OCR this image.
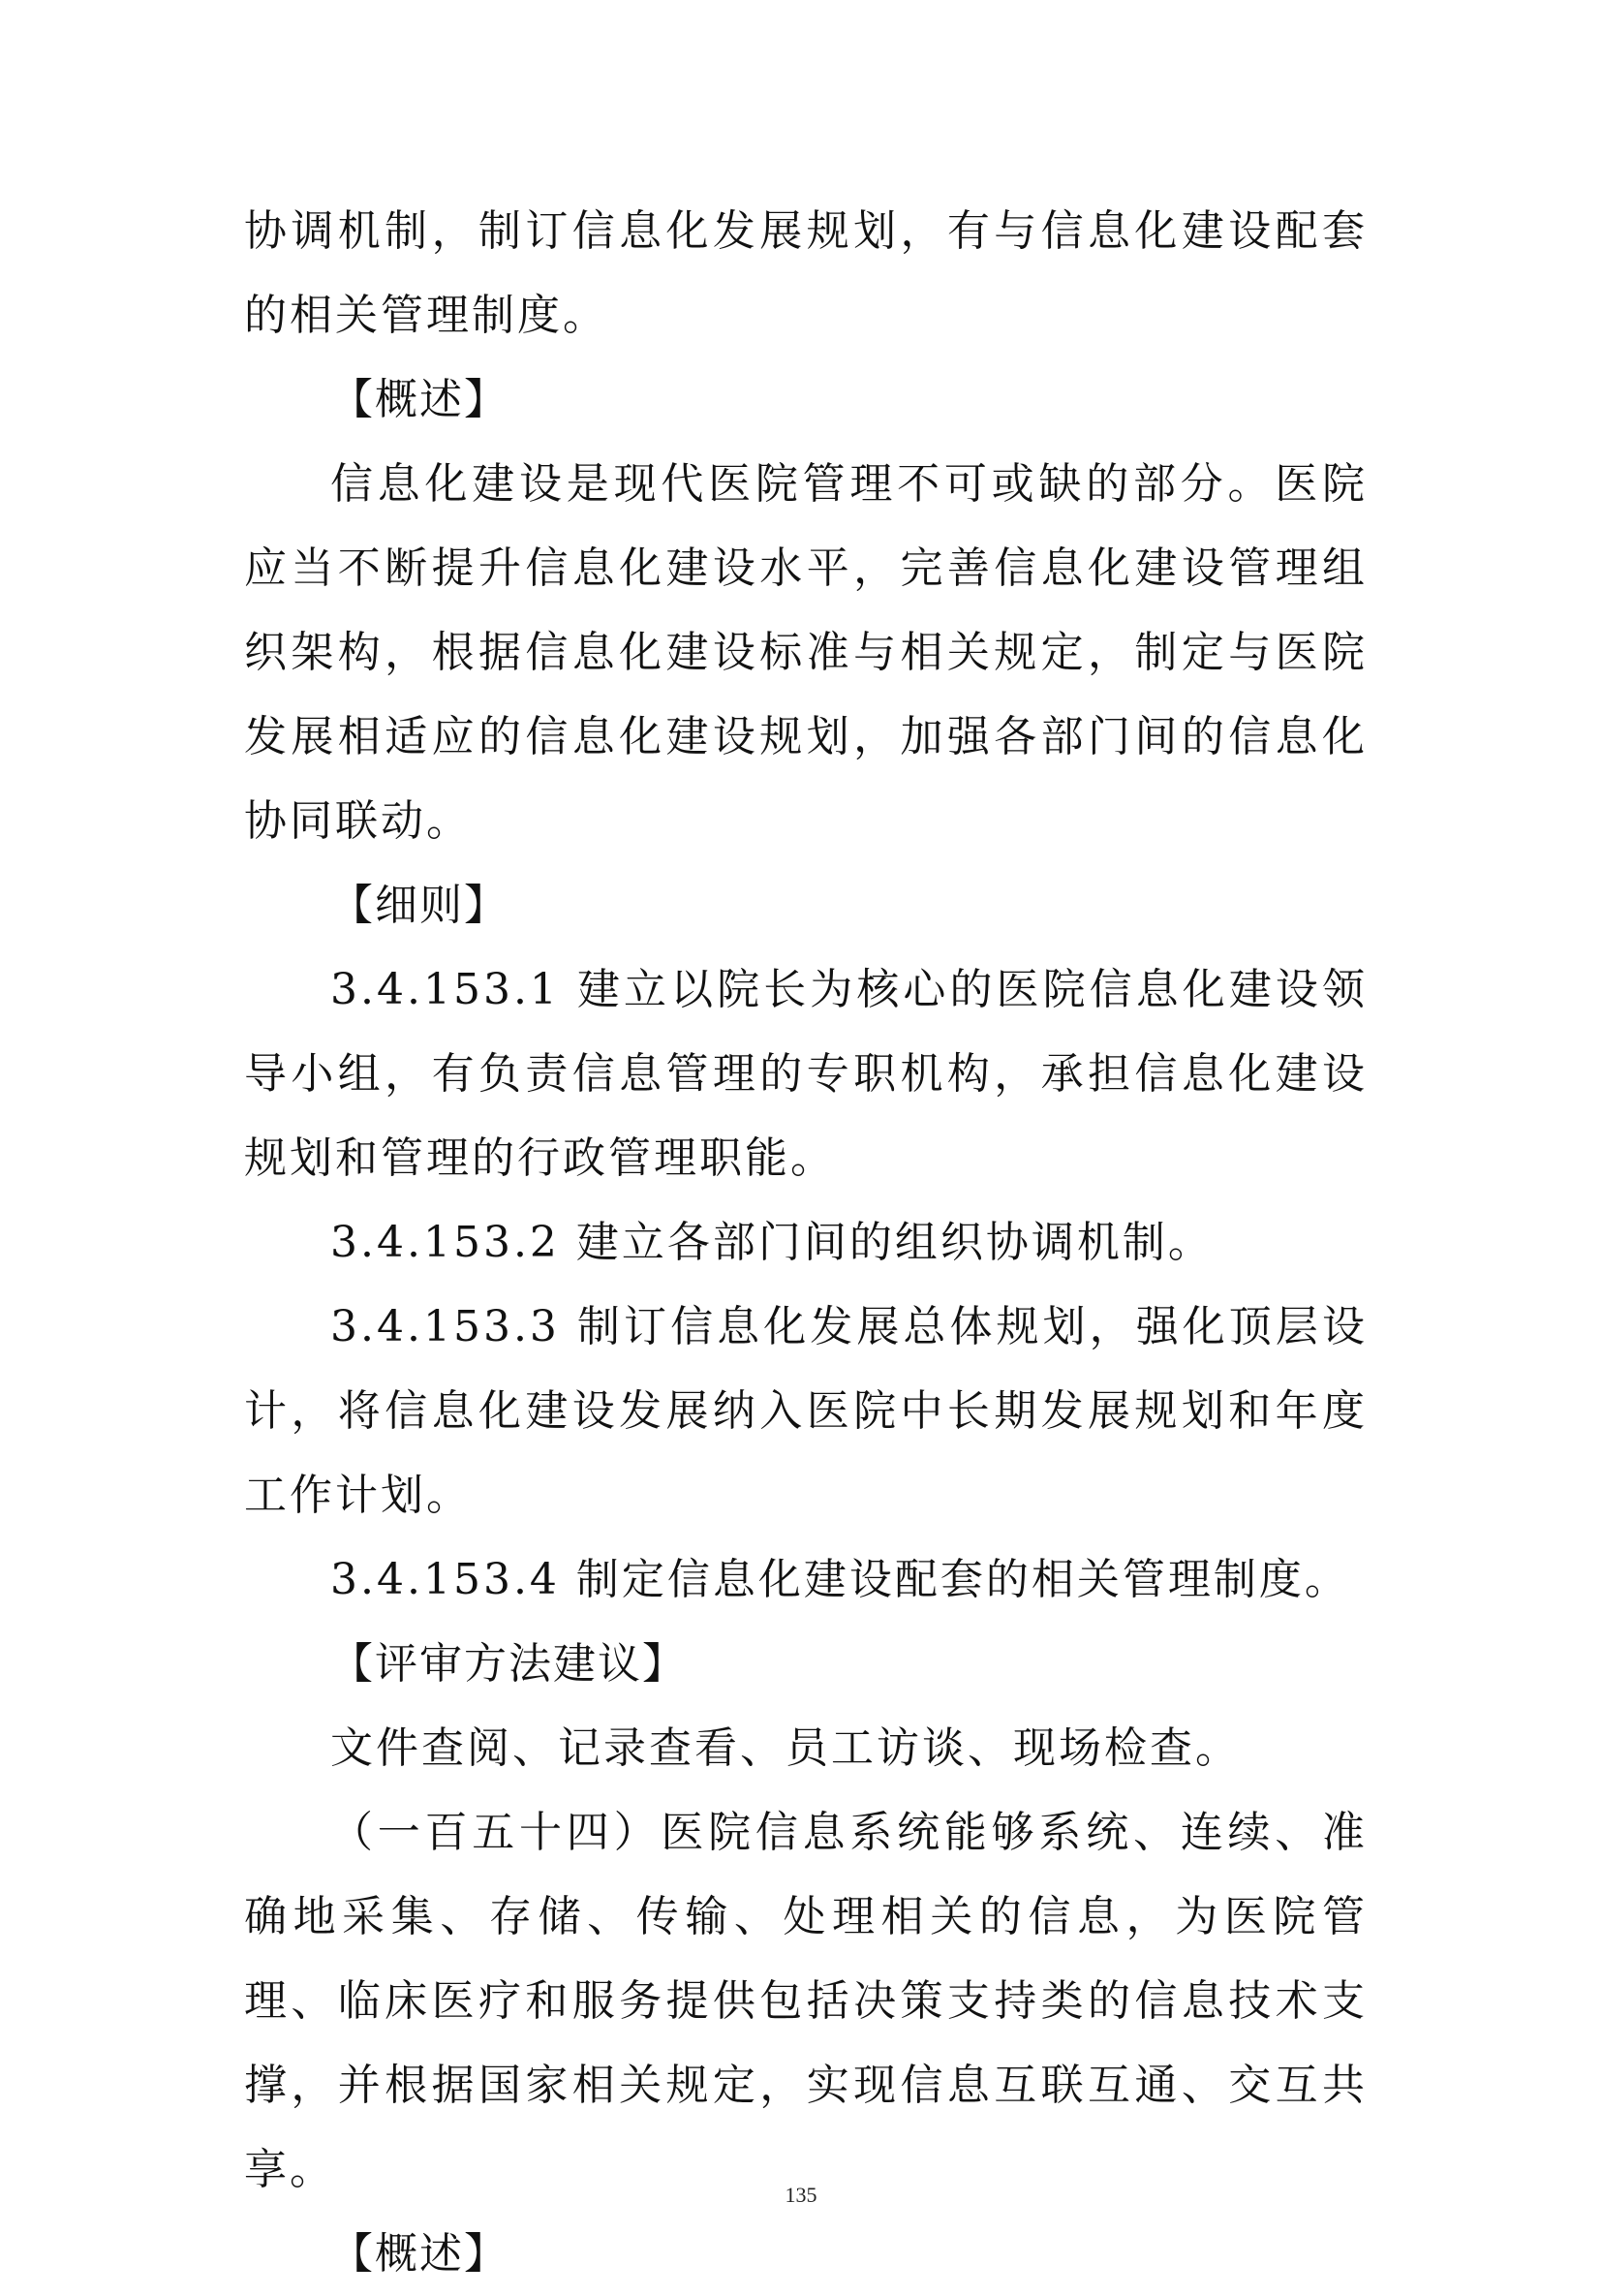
协调机制，制订信息化发展规划，有与信息化建设配套的相关管理制度。

【概述】

信息化建设是现代医院管理不可或缺的部分。医院应当不断提升信息化建设水平，完善信息化建设管理组织架构，根据信息化建设标准与相关规定，制定与医院发展相适应的信息化建设规划，加强各部门间的信息化协同联动。

【细则】

3.4.153.1 建立以院长为核心的医院信息化建设领导小组，有负责信息管理的专职机构，承担信息化建设规划和管理的行政管理职能。

3.4.153.2 建立各部门间的组织协调机制。

3.4.153.3 制订信息化发展总体规划，强化顶层设计，将信息化建设发展纳入医院中长期发展规划和年度工作计划。

3.4.153.4 制定信息化建设配套的相关管理制度。

【评审方法建议】

文件查阅、记录查看、员工访谈、现场检查。

（一百五十四）医院信息系统能够系统、连续、准确地采集、存储、传输、处理相关的信息，为医院管理、临床医疗和服务提供包括决策支持类的信息技术支撑，并根据国家相关规定，实现信息互联互通、交互共享。

【概述】

135
